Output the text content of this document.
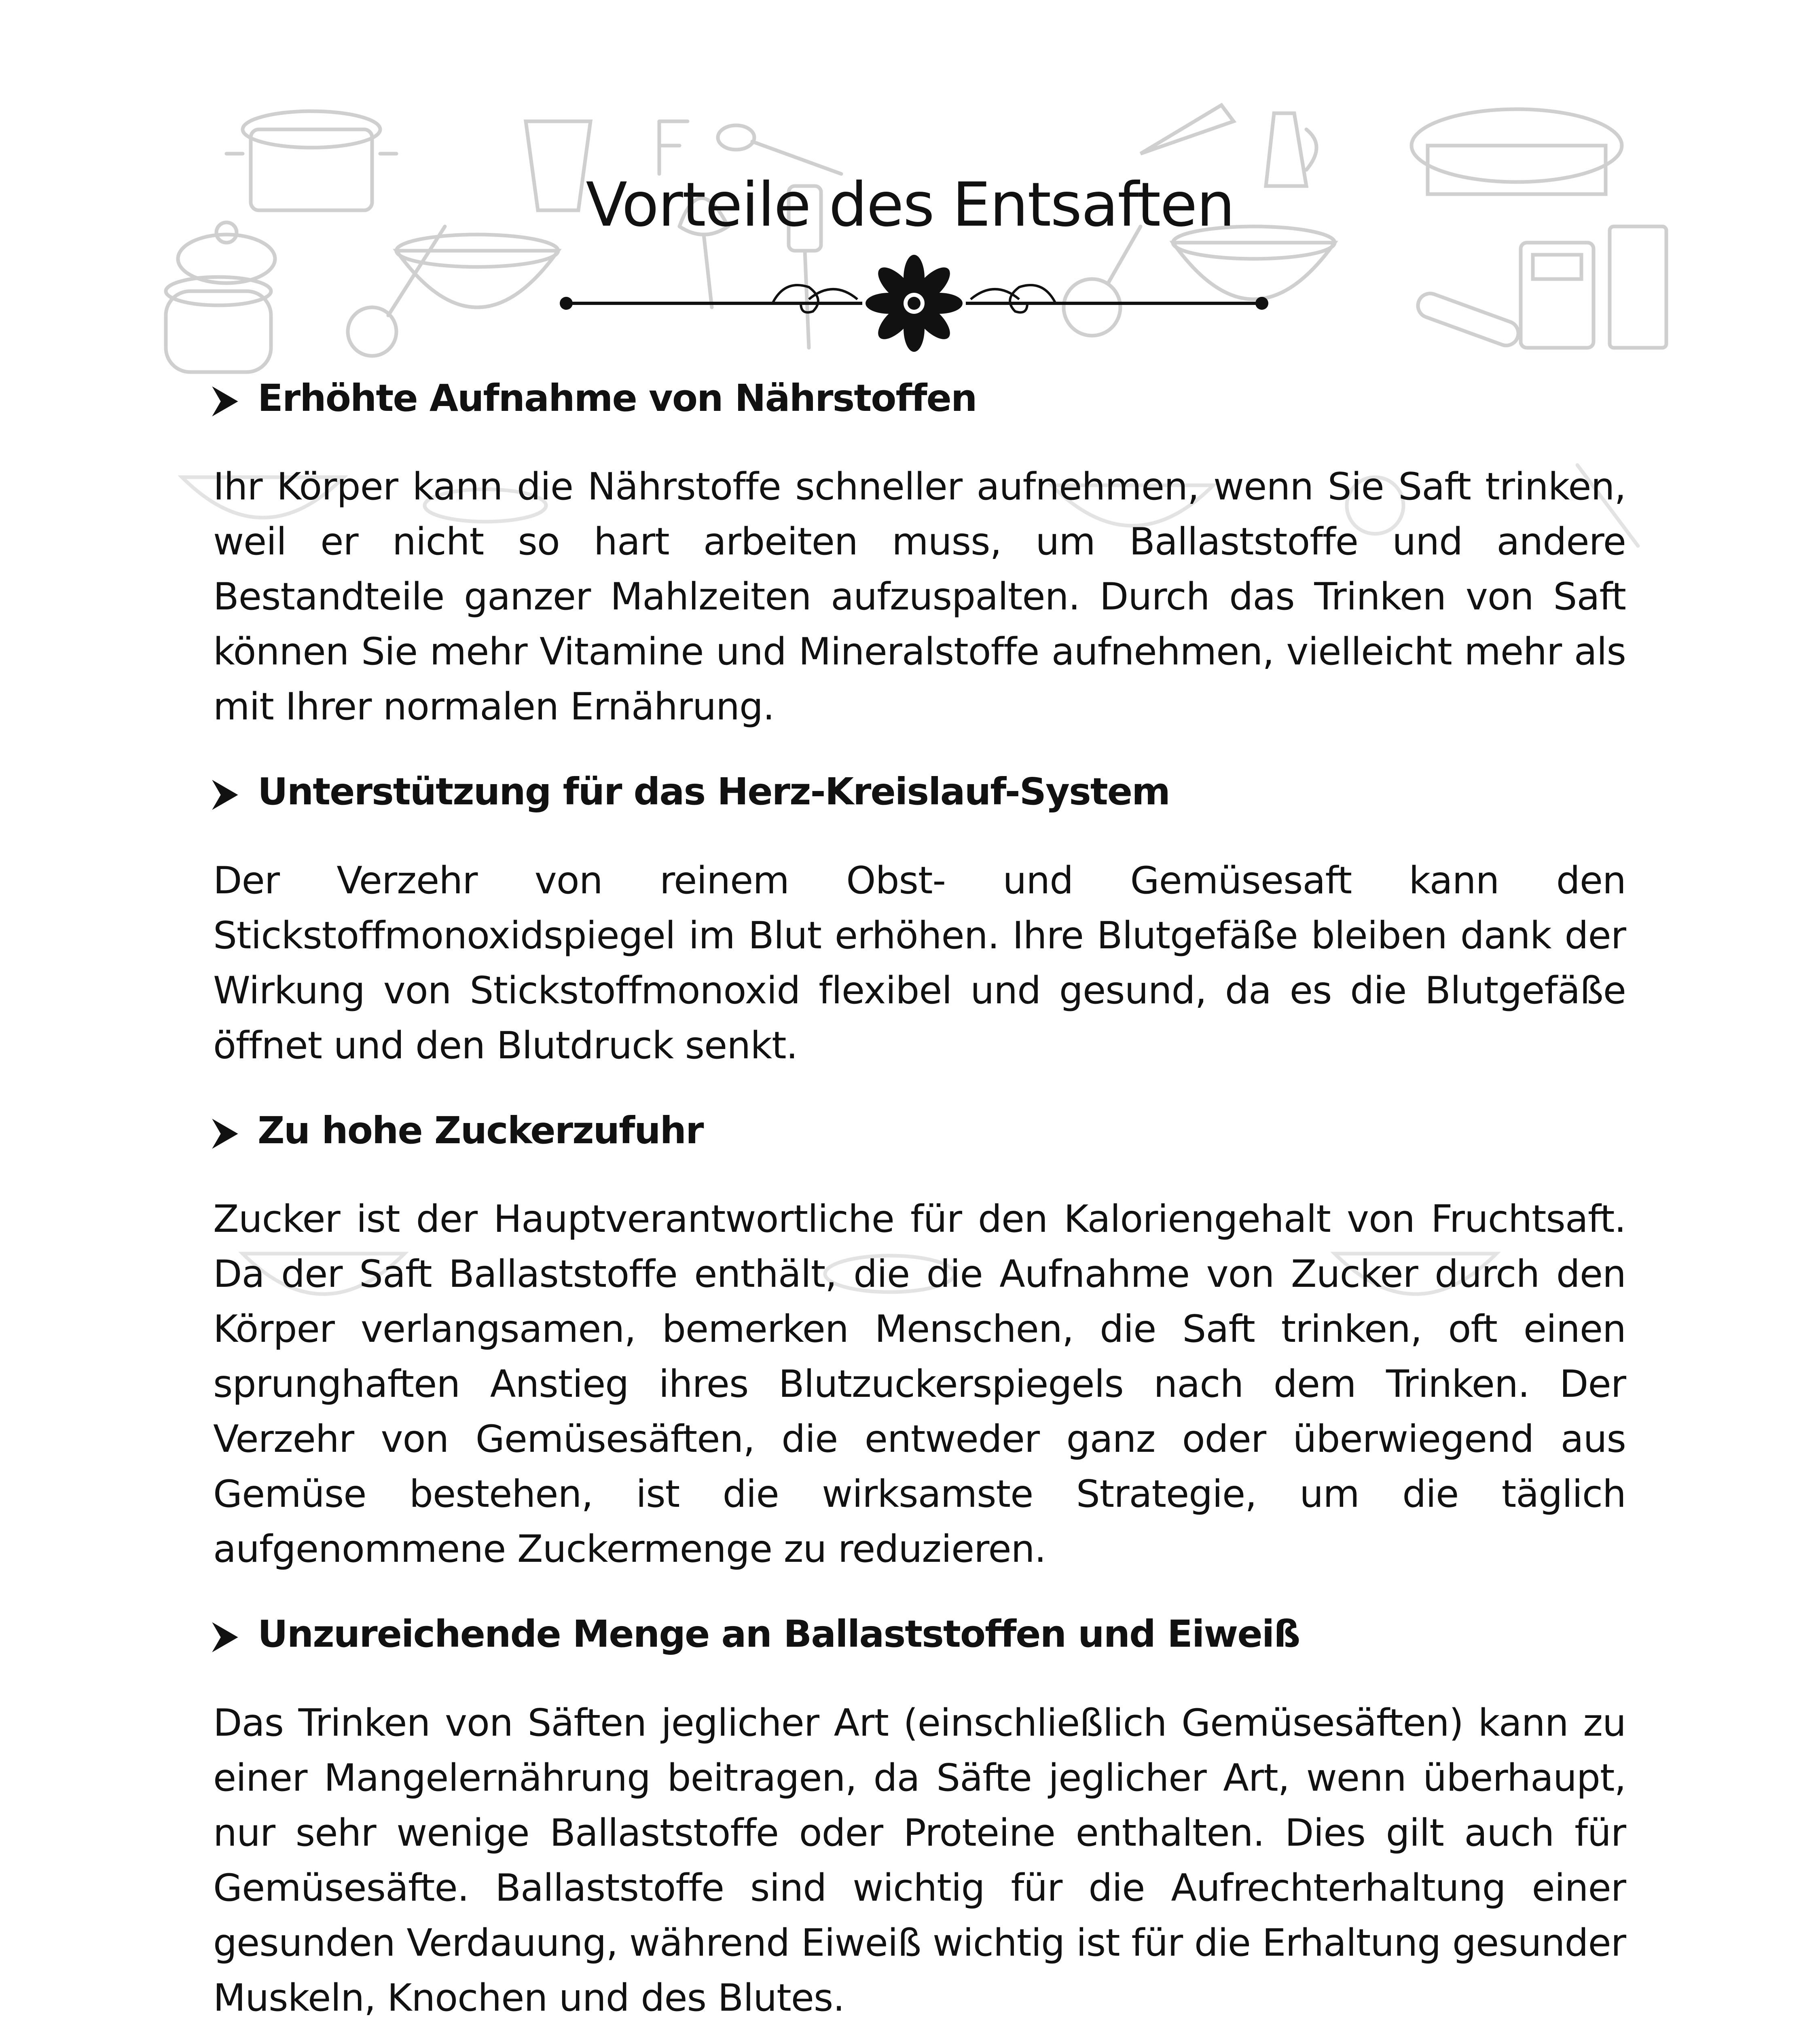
Vorteile des Entsaften
⮞ Erhöhte Aufnahme von Nährstoffen

Ihr Körper kann die Nährstoffe schneller aufnehmen, wenn Sie Saft trinken, weil er nicht so hart arbeiten muss, um Ballaststoffe und andere Bestandteile ganzer Mahlzeiten aufzuspalten. Durch das Trinken von Saft können Sie mehr Vitamine und Mineralstoffe aufnehmen, vielleicht mehr als mit Ihrer normalen Ernährung.

⮞ Unterstützung für das Herz-Kreislauf-System

Der Verzehr von reinem Obst- und Gemüsesaft kann den Stickstoffmonoxidspiegel im Blut erhöhen. Ihre Blutgefäße bleiben dank der Wirkung von Stickstoffmonoxid flexibel und gesund, da es die Blutgefäße öffnet und den Blutdruck senkt.

⮞ Zu hohe Zuckerzufuhr

Zucker ist der Hauptverantwortliche für den Kaloriengehalt von Fruchtsaft. Da der Saft Ballaststoffe enthält, die die Aufnahme von Zucker durch den Körper verlangsamen, bemerken Menschen, die Saft trinken, oft einen sprunghaften Anstieg ihres Blutzuckerspiegels nach dem Trinken. Der Verzehr von Gemüsesäften, die entweder ganz oder überwiegend aus Gemüse bestehen, ist die wirksamste Strategie, um die täglich aufgenommene Zuckermenge zu reduzieren.

⮞ Unzureichende Menge an Ballaststoffen und Eiweiß

Das Trinken von Säften jeglicher Art (einschließlich Gemüsesäften) kann zu einer Mangelernährung beitragen, da Säfte jeglicher Art, wenn überhaupt, nur sehr wenige Ballaststoffe oder Proteine enthalten. Dies gilt auch für Gemüsesäfte. Ballaststoffe sind wichtig für die Aufrechterhaltung einer gesunden Verdauung, während Eiweiß wichtig ist für die Erhaltung gesunder Muskeln, Knochen und des Blutes.
